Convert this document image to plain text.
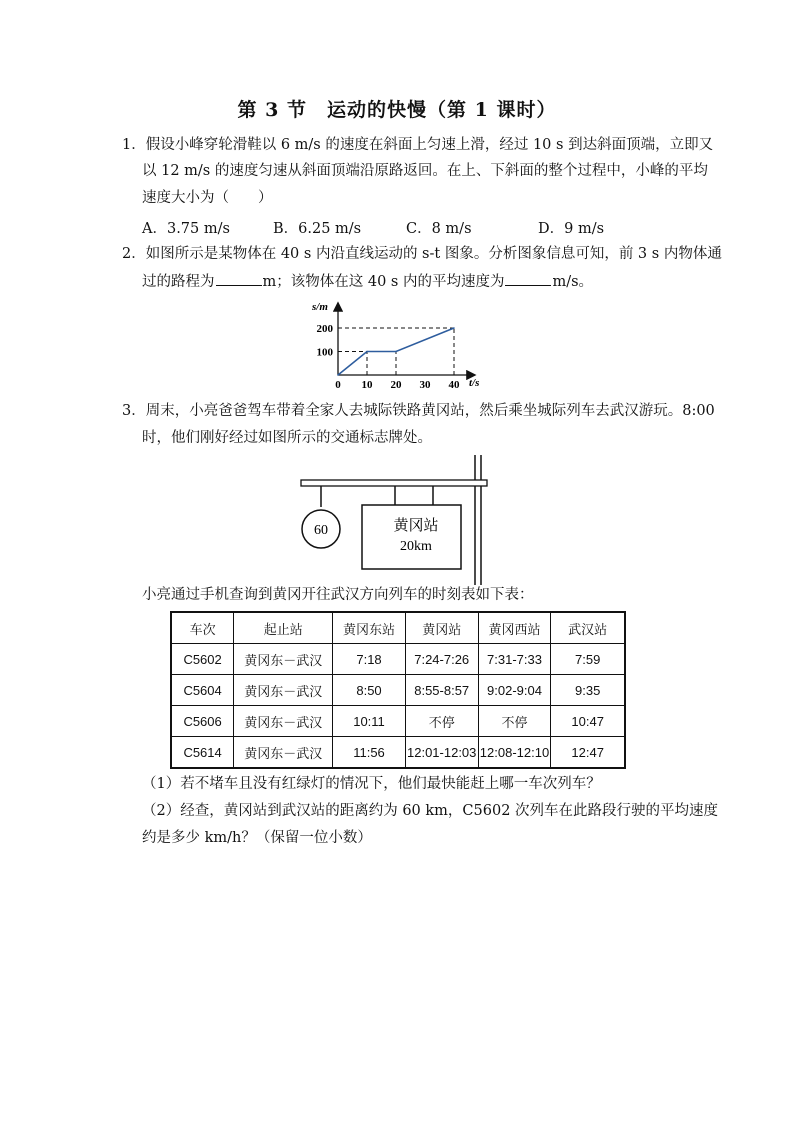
第 3 节　运动的快慢（第 1 课时）
1．假设小峰穿轮滑鞋以 6 m/s 的速度在斜面上匀速上滑，经过 10 s 到达斜面顶端，立即又
以 12 m/s 的速度匀速从斜面顶端沿原路返回。在上、下斜面的整个过程中，小峰的平均
速度大小为（　　）
A．3.75 m/s	B．6.25 m/s	C．8 m/s	D．9 m/s
2．如图所示是某物体在 40 s 内沿直线运动的 s-t 图象。分析图象信息可知，前 3 s 内物体通
过的路程为	m；该物体在这 40 s 内的平均速度为	m/s。
0 10 20 30 40
100
200
s/m
t/s
3．周末，小亮爸爸驾车带着全家人去城际铁路黄冈站，然后乘坐城际列车去武汉游玩。8:00
时，他们刚好经过如图所示的交通标志牌处。
60	黄冈站
20km
小亮通过手机查询到黄冈开往武汉方向列车的时刻表如下表：
车次	起止站	黄冈东站	黄冈站	黄冈西站	武汉站
C5602	黄冈东－武汉	7:18	7:24-7:26	7:31-7:33	7:59
C5604	黄冈东－武汉	8:50	8:55-8:57	9:02-9:04	9:35
C5606	黄冈东－武汉	10:11	不停	不停	10:47
C5614	黄冈东－武汉	11:56	12:01-12:03	12:08-12:10	12:47
（1）若不堵车且没有红绿灯的情况下，他们最快能赶上哪一车次列车？
（2）经查，黄冈站到武汉站的距离约为 60 km，C5602 次列车在此路段行驶的平均速度
约是多少 km/h？（保留一位小数）
